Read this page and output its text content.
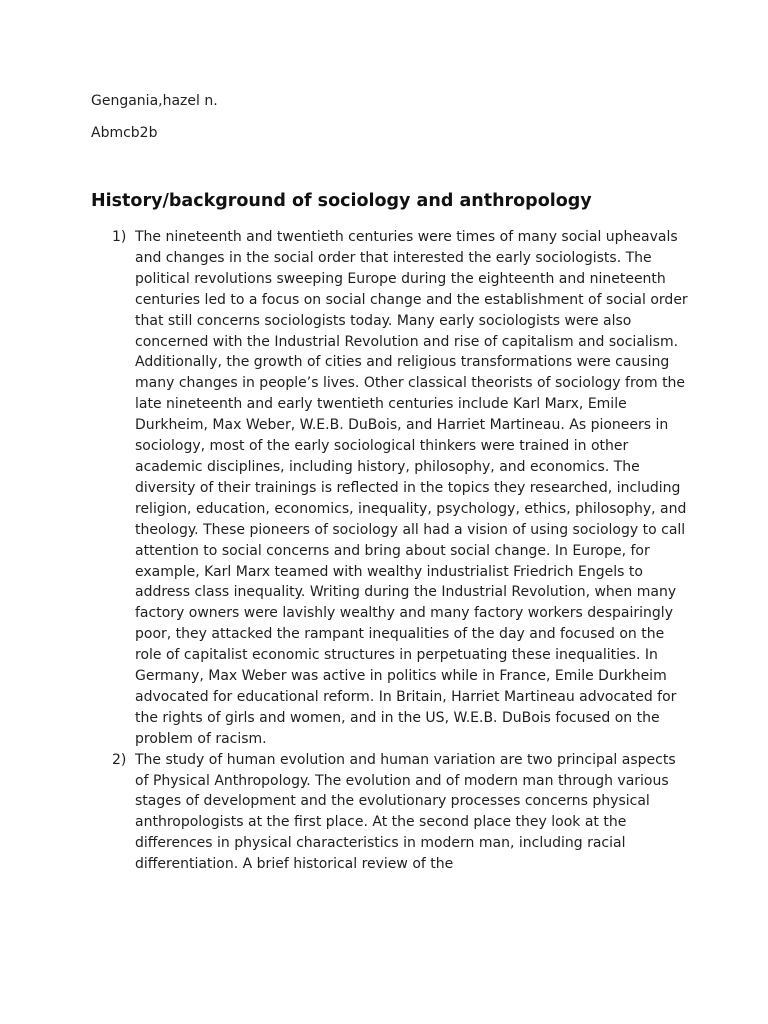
Gengania,hazel n.
Abmcb2b
History/background of sociology and anthropology
1) The nineteenth and twentieth centuries were times of many social upheavals and changes in the social order that interested the early sociologists. The political revolutions sweeping Europe during the eighteenth and nineteenth centuries led to a focus on social change and the establishment of social order that still concerns sociologists today. Many early sociologists were also concerned with the Industrial Revolution and rise of capitalism and socialism. Additionally, the growth of cities and religious transformations were causing many changes in people’s lives. Other classical theorists of sociology from the late nineteenth and early twentieth centuries include Karl Marx, Emile Durkheim, Max Weber, W.E.B. DuBois, and Harriet Martineau. As pioneers in sociology, most of the early sociological thinkers were trained in other academic disciplines, including history, philosophy, and economics. The diversity of their trainings is reflected in the topics they researched, including religion, education, economics, inequality, psychology, ethics, philosophy, and theology. These pioneers of sociology all had a vision of using sociology to call attention to social concerns and bring about social change. In Europe, for example, Karl Marx teamed with wealthy industrialist Friedrich Engels to address class inequality. Writing during the Industrial Revolution, when many factory owners were lavishly wealthy and many factory workers despairingly poor, they attacked the rampant inequalities of the day and focused on the role of capitalist economic structures in perpetuating these inequalities. In Germany, Max Weber was active in politics while in France, Emile Durkheim advocated for educational reform. In Britain, Harriet Martineau advocated for the rights of girls and women, and in the US, W.E.B. DuBois focused on the problem of racism.
2) The study of human evolution and human variation are two principal aspects of Physical Anthropology. The evolution and of modern man through various stages of development and the evolutionary processes concerns physical anthropologists at the first place. At the second place they look at the differences in physical characteristics in modern man, including racial differentiation. A brief historical review of the
